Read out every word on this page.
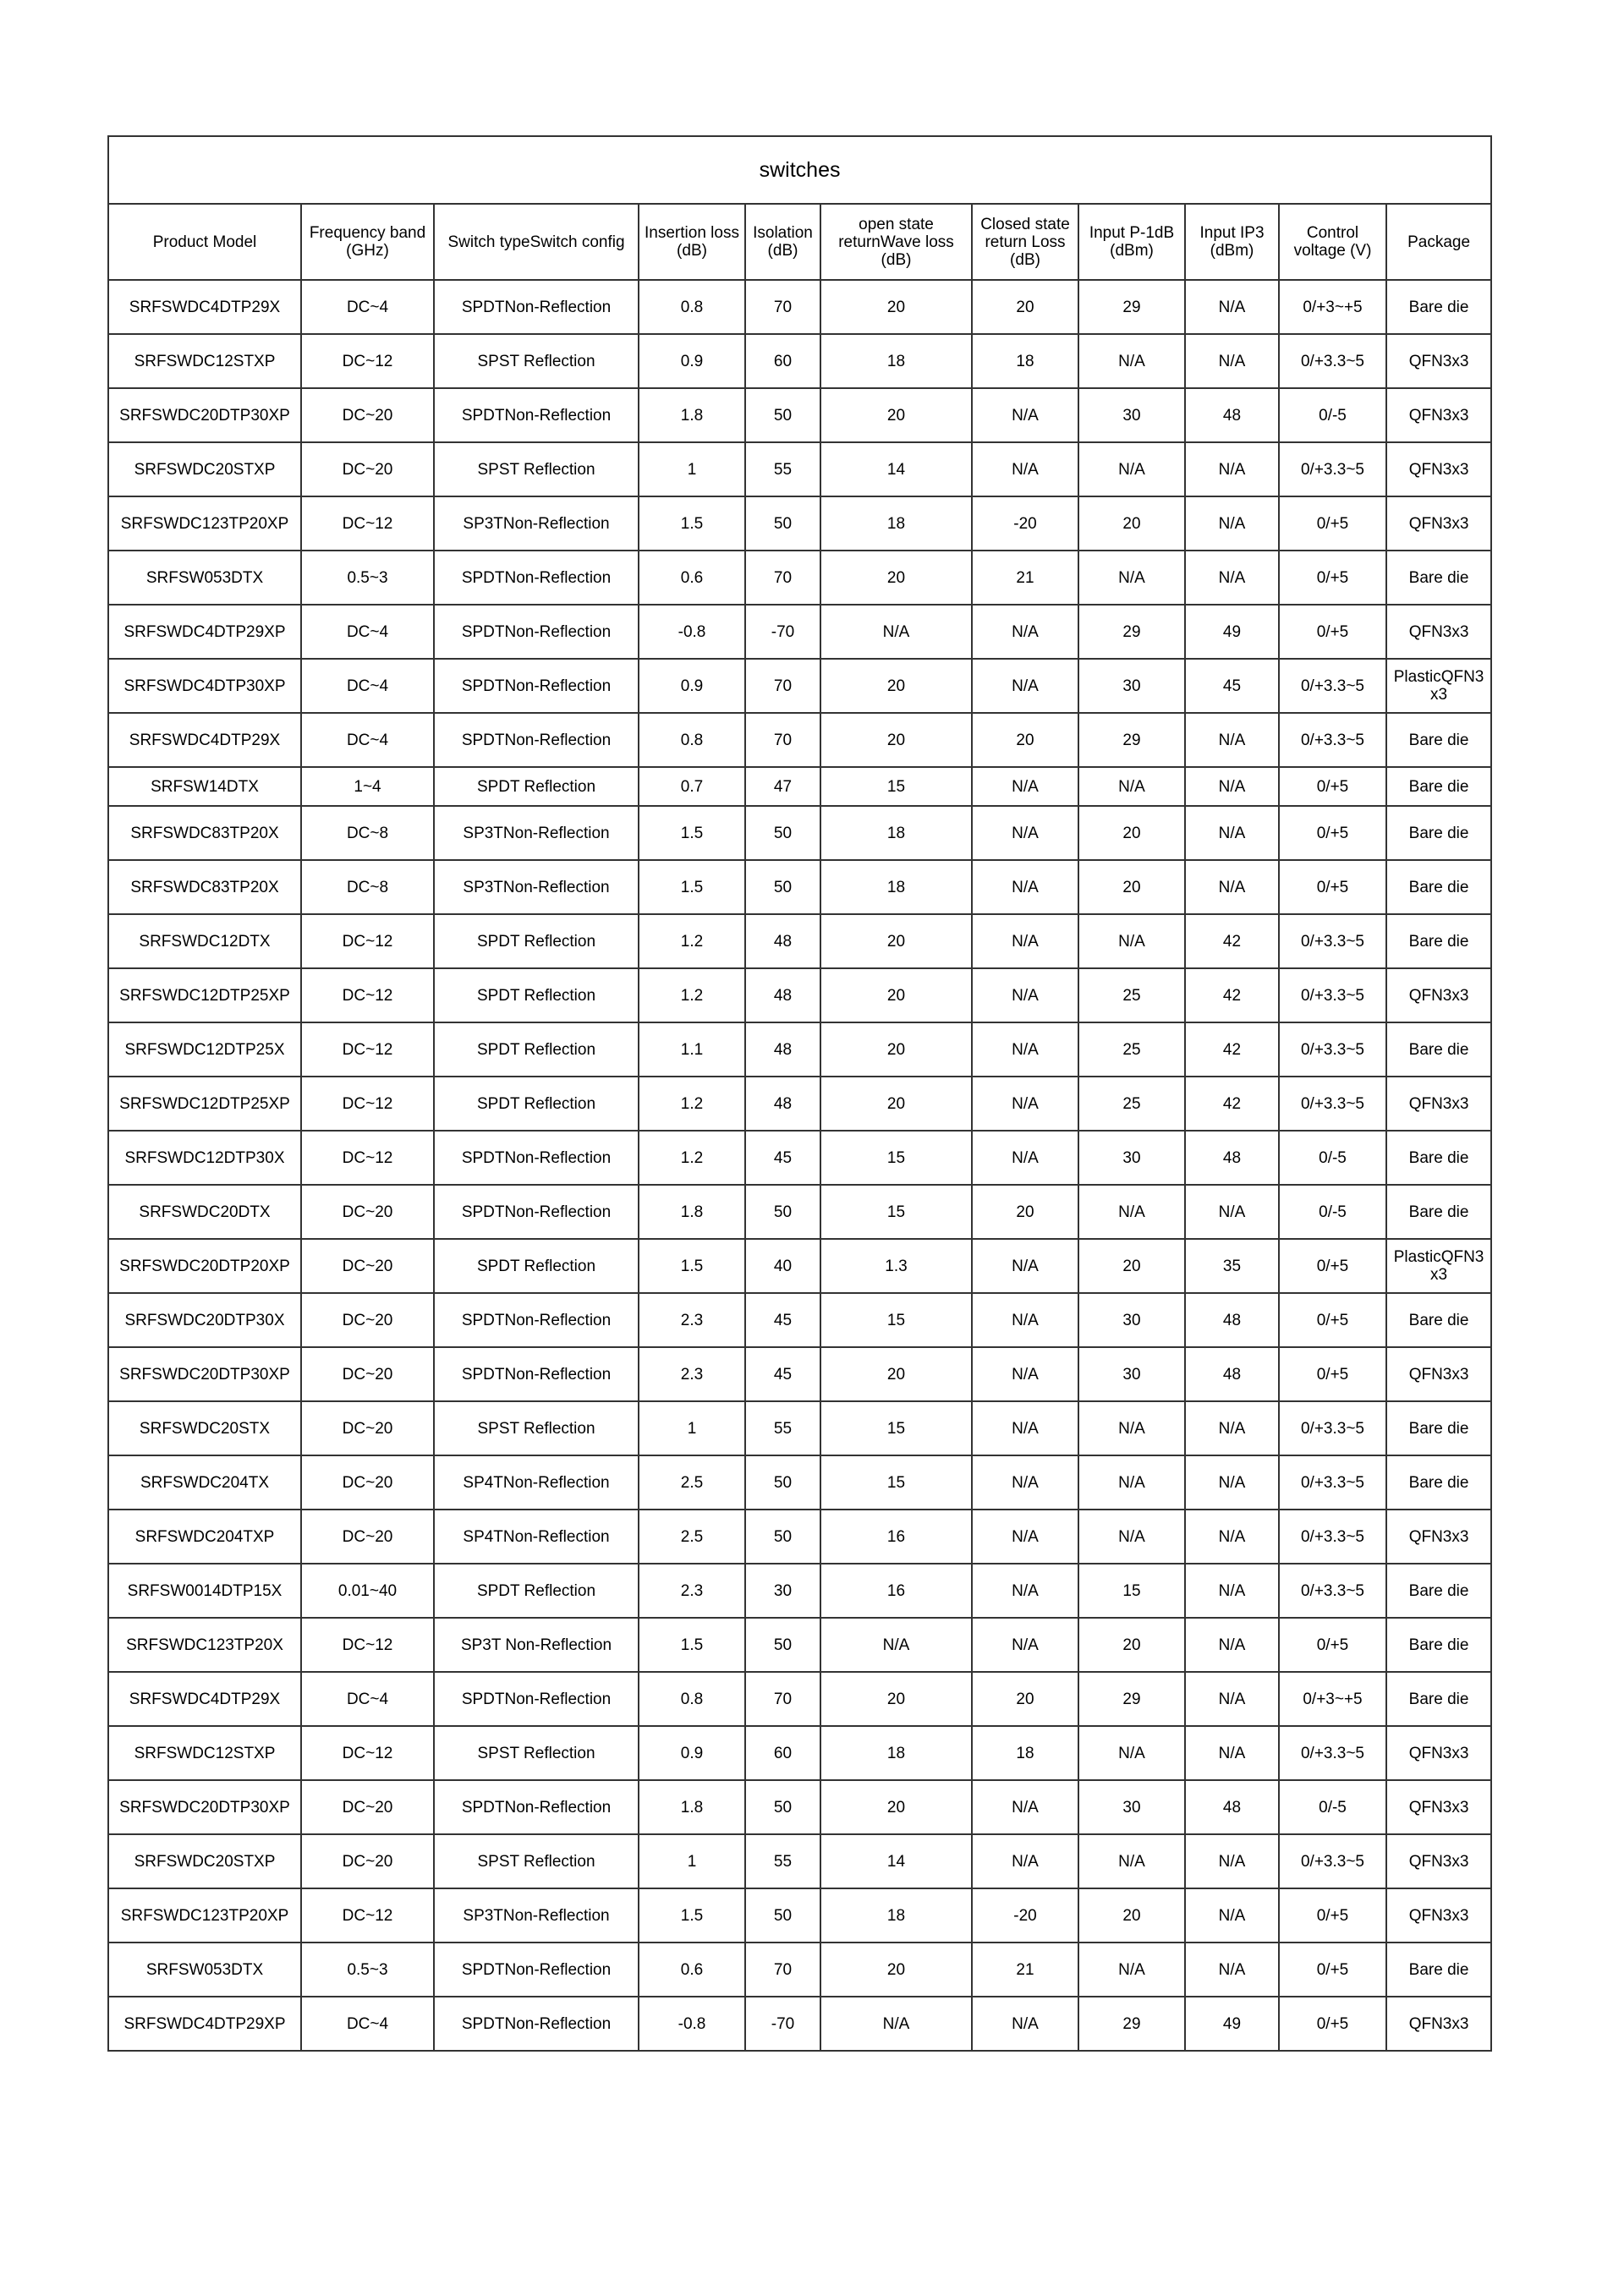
switches										
Product Model	Frequency band (GHz)	Switch typeSwitch config	Insertion loss (dB)	Isolation (dB)	open state returnWave loss (dB)	Closed state return Loss (dB)	Input P-1dB (dBm)	Input IP3 (dBm)	Control voltage (V)	Package
SRFSWDC4DTP29X	DC~4	SPDTNon-Reflection	0.8	70	20	20	29	N/A	0/+3~+5	Bare die
SRFSWDC12STXP	DC~12	SPST Reflection	0.9	60	18	18	N/A	N/A	0/+3.3~5	QFN3x3
SRFSWDC20DTP30XP	DC~20	SPDTNon-Reflection	1.8	50	20	N/A	30	48	0/-5	QFN3x3
SRFSWDC20STXP	DC~20	SPST Reflection	1	55	14	N/A	N/A	N/A	0/+3.3~5	QFN3x3
SRFSWDC123TP20XP	DC~12	SP3TNon-Reflection	1.5	50	18	-20	20	N/A	0/+5	QFN3x3
SRFSW053DTX	0.5~3	SPDTNon-Reflection	0.6	70	20	21	N/A	N/A	0/+5	Bare die
SRFSWDC4DTP29XP	DC~4	SPDTNon-Reflection	-0.8	-70	N/A	N/A	29	49	0/+5	QFN3x3
SRFSWDC4DTP30XP	DC~4	SPDTNon-Reflection	0.9	70	20	N/A	30	45	0/+3.3~5	PlasticQFN3 x3
SRFSWDC4DTP29X	DC~4	SPDTNon-Reflection	0.8	70	20	20	29	N/A	0/+3.3~5	Bare die
SRFSW14DTX	1~4	SPDT Reflection	0.7	47	15	N/A	N/A	N/A	0/+5	Bare die
SRFSWDC83TP20X	DC~8	SP3TNon-Reflection	1.5	50	18	N/A	20	N/A	0/+5	Bare die
SRFSWDC83TP20X	DC~8	SP3TNon-Reflection	1.5	50	18	N/A	20	N/A	0/+5	Bare die
SRFSWDC12DTX	DC~12	SPDT Reflection	1.2	48	20	N/A	N/A	42	0/+3.3~5	Bare die
SRFSWDC12DTP25XP	DC~12	SPDT Reflection	1.2	48	20	N/A	25	42	0/+3.3~5	QFN3x3
SRFSWDC12DTP25X	DC~12	SPDT Reflection	1.1	48	20	N/A	25	42	0/+3.3~5	Bare die
SRFSWDC12DTP25XP	DC~12	SPDT Reflection	1.2	48	20	N/A	25	42	0/+3.3~5	QFN3x3
SRFSWDC12DTP30X	DC~12	SPDTNon-Reflection	1.2	45	15	N/A	30	48	0/-5	Bare die
SRFSWDC20DTX	DC~20	SPDTNon-Reflection	1.8	50	15	20	N/A	N/A	0/-5	Bare die
SRFSWDC20DTP20XP	DC~20	SPDT Reflection	1.5	40	1.3	N/A	20	35	0/+5	PlasticQFN3 x3
SRFSWDC20DTP30X	DC~20	SPDTNon-Reflection	2.3	45	15	N/A	30	48	0/+5	Bare die
SRFSWDC20DTP30XP	DC~20	SPDTNon-Reflection	2.3	45	20	N/A	30	48	0/+5	QFN3x3
SRFSWDC20STX	DC~20	SPST Reflection	1	55	15	N/A	N/A	N/A	0/+3.3~5	Bare die
SRFSWDC204TX	DC~20	SP4TNon-Reflection	2.5	50	15	N/A	N/A	N/A	0/+3.3~5	Bare die
SRFSWDC204TXP	DC~20	SP4TNon-Reflection	2.5	50	16	N/A	N/A	N/A	0/+3.3~5	QFN3x3
SRFSW0014DTP15X	0.01~40	SPDT Reflection	2.3	30	16	N/A	15	N/A	0/+3.3~5	Bare die
SRFSWDC123TP20X	DC~12	SP3T Non-Reflection	1.5	50	N/A	N/A	20	N/A	0/+5	Bare die
SRFSWDC4DTP29X	DC~4	SPDTNon-Reflection	0.8	70	20	20	29	N/A	0/+3~+5	Bare die
SRFSWDC12STXP	DC~12	SPST Reflection	0.9	60	18	18	N/A	N/A	0/+3.3~5	QFN3x3
SRFSWDC20DTP30XP	DC~20	SPDTNon-Reflection	1.8	50	20	N/A	30	48	0/-5	QFN3x3
SRFSWDC20STXP	DC~20	SPST Reflection	1	55	14	N/A	N/A	N/A	0/+3.3~5	QFN3x3
SRFSWDC123TP20XP	DC~12	SP3TNon-Reflection	1.5	50	18	-20	20	N/A	0/+5	QFN3x3
SRFSW053DTX	0.5~3	SPDTNon-Reflection	0.6	70	20	21	N/A	N/A	0/+5	Bare die
SRFSWDC4DTP29XP	DC~4	SPDTNon-Reflection	-0.8	-70	N/A	N/A	29	49	0/+5	QFN3x3
